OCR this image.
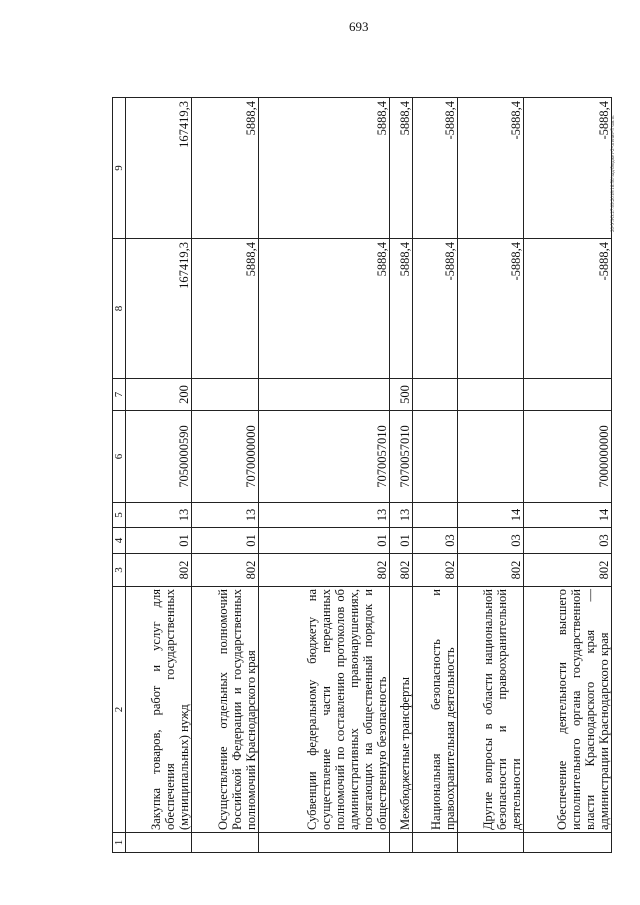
693
20-УЭО.27.09.2018/16.50/зад/бюджет-2-чтение-5 часть
1	2	3	4	5	6	7	8	9
	Закупка товаров, работ и услуг для обеспечения государственных (муниципальных) нужд	802	01	13	7050000590	200	167419,3	167419,3
	Осуществление отдельных полномочий Российской Федерации и государственных полномочий Краснодарского края	802	01	13	7070000000		5888,4	5888,4
	Субвенции федеральному бюджету на осуществление части переданных полномочий по составлению протоколов об административных правонарушениях, посягающих на общественный порядок и общественную безопасность	802	01	13	7070057010		5888,4	5888,4
	Межбюджетные трансферты	802	01	13	7070057010	500	5888,4	5888,4
	Национальная безопасность и правоохранительная деятельность	802	03				-5888,4	-5888,4
	Другие вопросы в области национальной безопасности и правоохранительной деятельности	802	03	14			-5888,4	-5888,4
	Обеспечение деятельности высшего исполнительного органа государственной власти Краснодарского края — администрации Краснодарского края	802	03	14	7000000000		-5888,4	-5888,4
